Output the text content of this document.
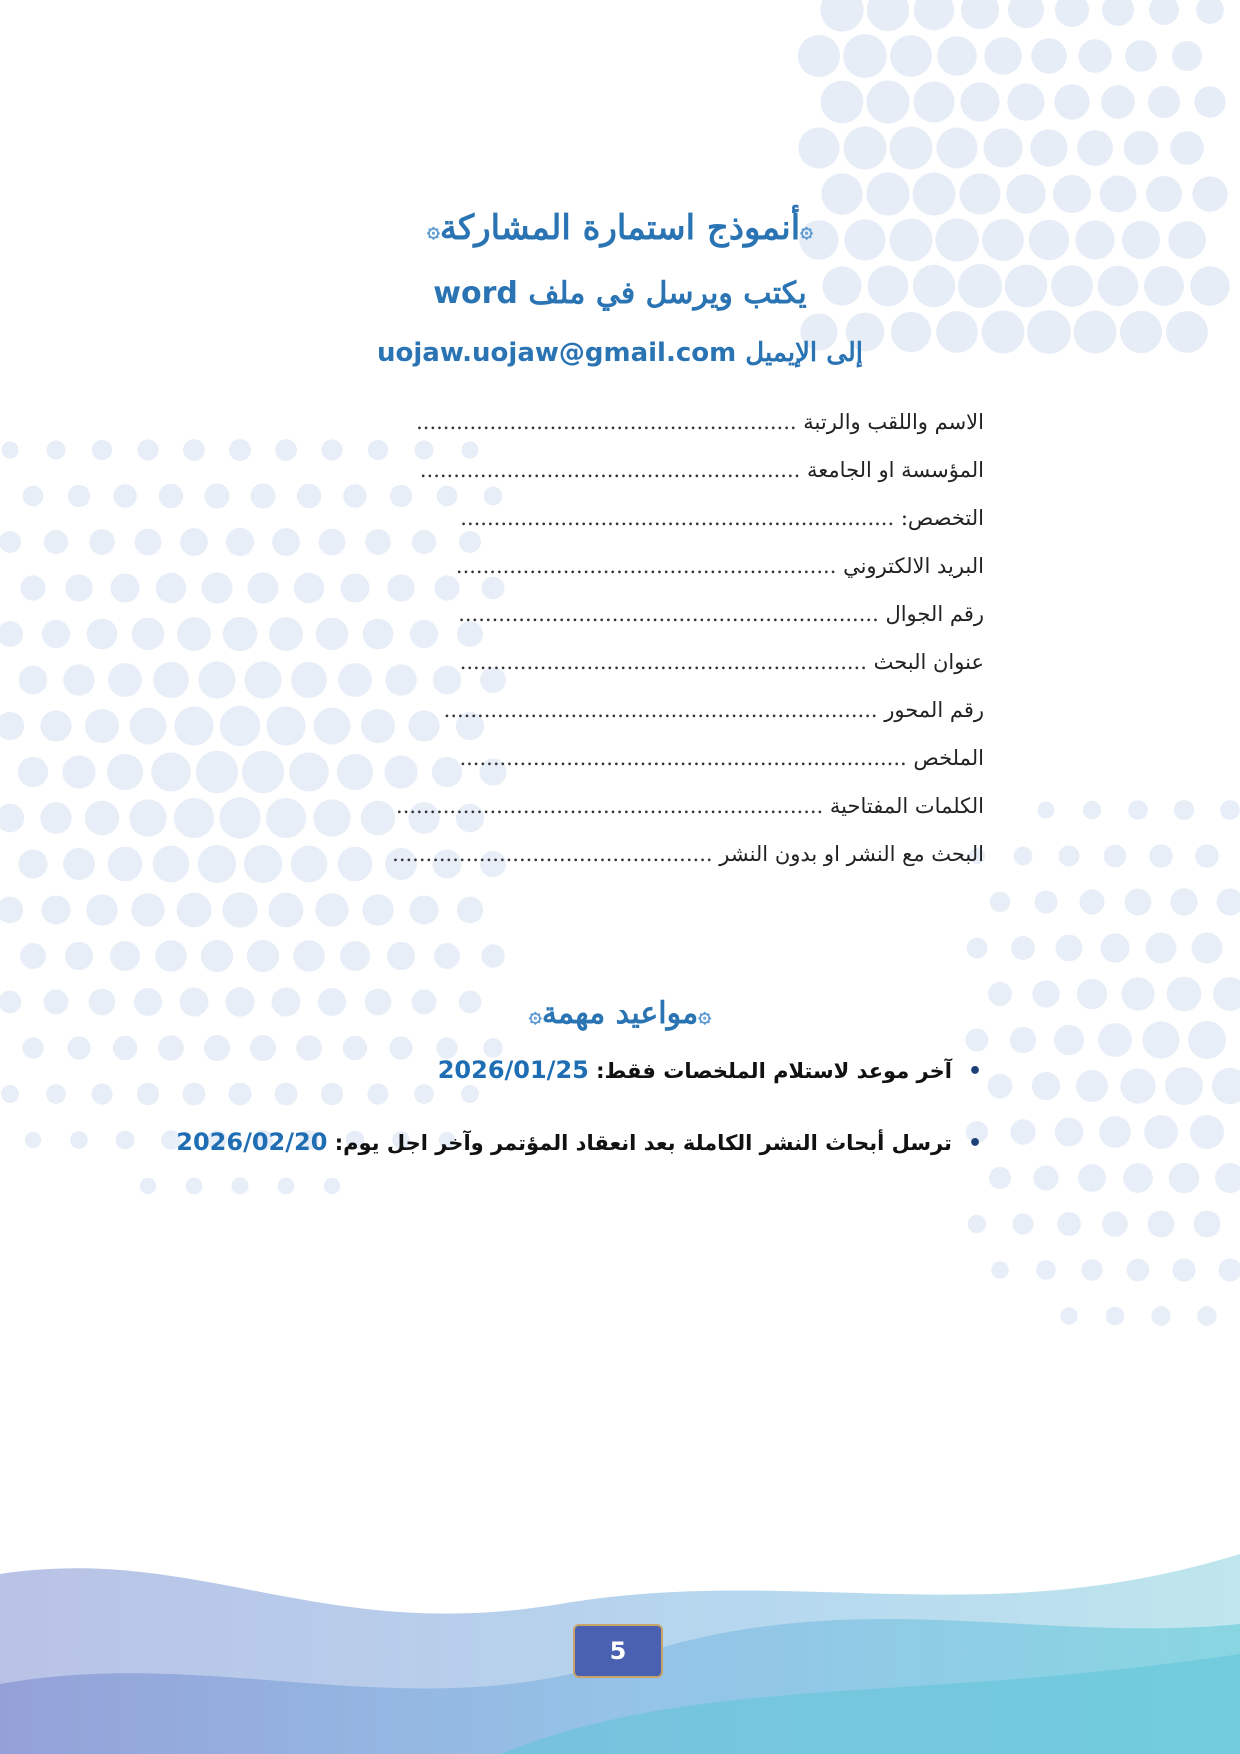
۞أنموذج استمارة المشاركة۞
يكتب ويرسل في ملف word
إلى الإيميل uojaw.uojaw@gmail.com
الاسم واللقب والرتبة .........................................................
المؤسسة او الجامعة .........................................................
التخصص: .................................................................
البريد الالكتروني .........................................................
رقم الجوال ...............................................................
عنوان البحث .............................................................
رقم المحور .................................................................
الملخص ...................................................................
الكلمات المفتاحية ................................................................
البحث مع النشر او بدون النشر ................................................
۞مواعيد مهمة۞
•آخر موعد لاستلام الملخصات فقط: 2026/01/25
•ترسل أبحاث النشر الكاملة بعد انعقاد المؤتمر وآخر اجل يوم: 2026/02/20
5
